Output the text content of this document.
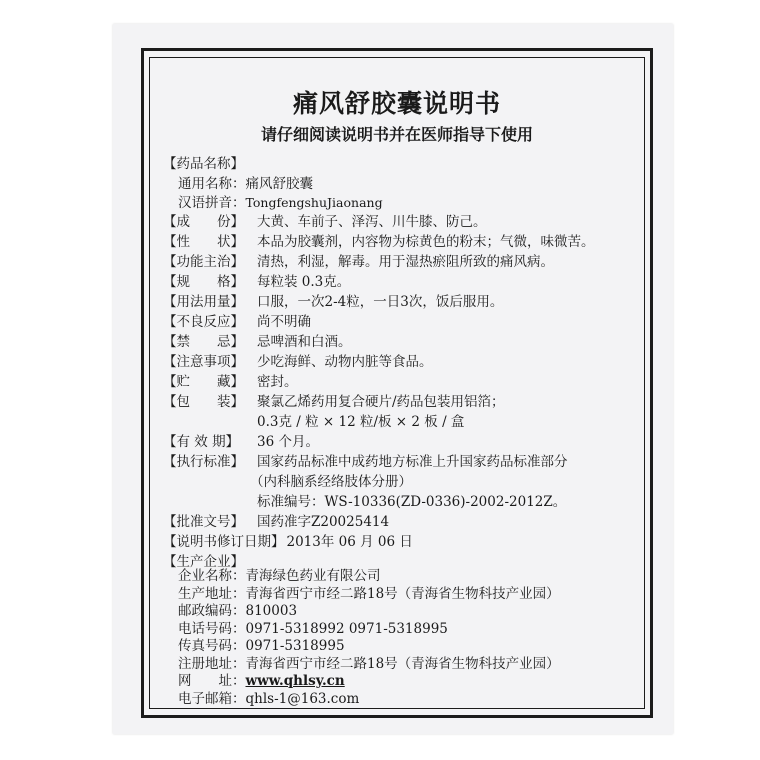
痛风舒胶囊说明书
请仔细阅读说明书并在医师指导下使用
【 药品名称 】
通用名称：痛风舒胶囊
汉语拼音：TongfengshuJiaonang
【 成　　份 】 大黄、车前子、泽泻、川牛膝、防己。
【 性　　状 】 本品为胶囊剂，内容物为棕黄色的粉末；气微，味微苦。
【 功能主治 】 清热，利湿，解毒。用于湿热瘀阻所致的痛风病。
【 规　　格 】 每粒装 0.3克。
【 用法用量 】 口服，一次2-4粒，一日3次，饭后服用。
【 不良反应 】 尚不明确
【 禁　　忌 】 忌啤酒和白酒。
【 注意事项 】 少吃海鲜、动物内脏等食品。
【 贮　　藏 】 密封。
【 包　　装 】 聚氯乙烯药用复合硬片/药品包装用铝箔；
0.3克 / 粒 × 12 粒/板 × 2 板 / 盒
【 有 效 期 】 36 个月。
【 执行标准 】 国家药品标准中成药地方标准上升国家药品标准部分
（内科脑系经络肢体分册）
标准编号：WS-10336(ZD-0336)-2002-2012Z。
【 批准文号 】 国药准字Z20025414
【 说明书修订日期 】 2013年 06 月 06 日
【 生产企业 】
企业名称：青海绿色药业有限公司
生产地址：青海省西宁市经二路18号（青海省生物科技产业园）
邮政编码：810003
电话号码：0971-5318992 0971-5318995
传真号码：0971-5318995
注册地址：青海省西宁市经二路18号（青海省生物科技产业园）
网　　址：www.qhlsy.cn
电子邮箱：qhls-1@163.com
